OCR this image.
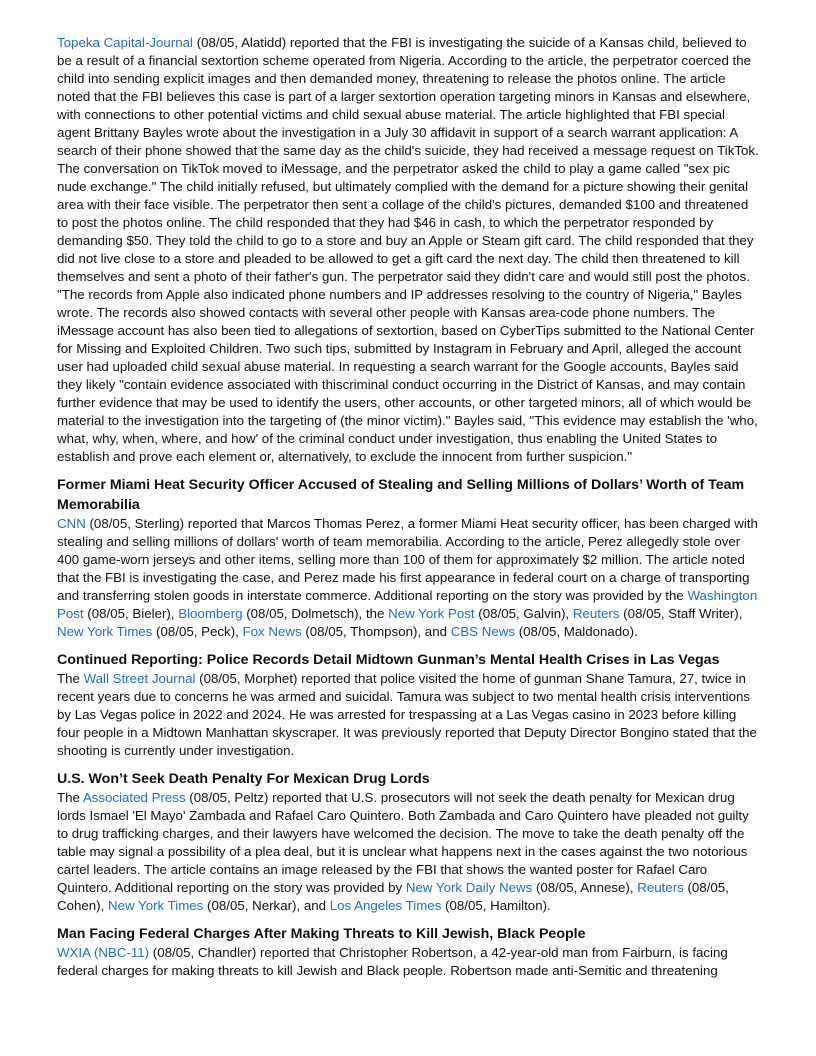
Topeka Capital-Journal (08/05, Alatidd) reported that the FBI is investigating the suicide of a Kansas child, believed to be a result of a financial sextortion scheme operated from Nigeria. According to the article, the perpetrator coerced the child into sending explicit images and then demanded money, threatening to release the photos online. The article noted that the FBI believes this case is part of a larger sextortion operation targeting minors in Kansas and elsewhere, with connections to other potential victims and child sexual abuse material. The article highlighted that FBI special agent Brittany Bayles wrote about the investigation in a July 30 affidavit in support of a search warrant application: A search of their phone showed that the same day as the child's suicide, they had received a message request on TikTok. The conversation on TikTok moved to iMessage, and the perpetrator asked the child to play a game called "sex pic nude exchange." The child initially refused, but ultimately complied with the demand for a picture showing their genital area with their face visible. The perpetrator then sent a collage of the child's pictures, demanded $100 and threatened to post the photos online. The child responded that they had $46 in cash, to which the perpetrator responded by demanding $50. They told the child to go to a store and buy an Apple or Steam gift card. The child responded that they did not live close to a store and pleaded to be allowed to get a gift card the next day. The child then threatened to kill themselves and sent a photo of their father's gun. The perpetrator said they didn't care and would still post the photos. "The records from Apple also indicated phone numbers and IP addresses resolving to the country of Nigeria," Bayles wrote. The records also showed contacts with several other people with Kansas area-code phone numbers. The iMessage account has also been tied to allegations of sextortion, based on CyberTips submitted to the National Center for Missing and Exploited Children. Two such tips, submitted by Instagram in February and April, alleged the account user had uploaded child sexual abuse material. In requesting a search warrant for the Google accounts, Bayles said they likely "contain evidence associated with thiscriminal conduct occurring in the District of Kansas, and may contain further evidence that may be used to identify the users, other accounts, or other targeted minors, all of which would be material to the investigation into the targeting of (the minor victim)." Bayles said, "This evidence may establish the 'who, what, why, when, where, and how' of the criminal conduct under investigation, thus enabling the United States to establish and prove each element or, alternatively, to exclude the innocent from further suspicion."

Former Miami Heat Security Officer Accused of Stealing and Selling Millions of Dollars’ Worth of Team Memorabilia

CNN (08/05, Sterling) reported that Marcos Thomas Perez, a former Miami Heat security officer, has been charged with stealing and selling millions of dollars' worth of team memorabilia. According to the article, Perez allegedly stole over 400 game-worn jerseys and other items, selling more than 100 of them for approximately $2 million. The article noted that the FBI is investigating the case, and Perez made his first appearance in federal court on a charge of transporting and transferring stolen goods in interstate commerce. Additional reporting on the story was provided by the Washington Post (08/05, Bieler), Bloomberg (08/05, Dolmetsch), the New York Post (08/05, Galvin), Reuters (08/05, Staff Writer), New York Times (08/05, Peck), Fox News (08/05, Thompson), and CBS News (08/05, Maldonado).

Continued Reporting: Police Records Detail Midtown Gunman’s Mental Health Crises in Las Vegas

The Wall Street Journal (08/05, Morphet) reported that police visited the home of gunman Shane Tamura, 27, twice in recent years due to concerns he was armed and suicidal. Tamura was subject to two mental health crisis interventions by Las Vegas police in 2022 and 2024. He was arrested for trespassing at a Las Vegas casino in 2023 before killing four people in a Midtown Manhattan skyscraper. It was previously reported that Deputy Director Bongino stated that the shooting is currently under investigation.

U.S. Won’t Seek Death Penalty For Mexican Drug Lords

The Associated Press (08/05, Peltz) reported that U.S. prosecutors will not seek the death penalty for Mexican drug lords Ismael 'El Mayo' Zambada and Rafael Caro Quintero. Both Zambada and Caro Quintero have pleaded not guilty to drug trafficking charges, and their lawyers have welcomed the decision. The move to take the death penalty off the table may signal a possibility of a plea deal, but it is unclear what happens next in the cases against the two notorious cartel leaders. The article contains an image released by the FBI that shows the wanted poster for Rafael Caro Quintero. Additional reporting on the story was provided by New York Daily News (08/05, Annese), Reuters (08/05, Cohen), New York Times (08/05, Nerkar), and Los Angeles Times (08/05, Hamilton).

Man Facing Federal Charges After Making Threats to Kill Jewish, Black People

WXIA (NBC-11) (08/05, Chandler) reported that Christopher Robertson, a 42-year-old man from Fairburn, is facing federal charges for making threats to kill Jewish and Black people. Robertson made anti-Semitic and threatening
